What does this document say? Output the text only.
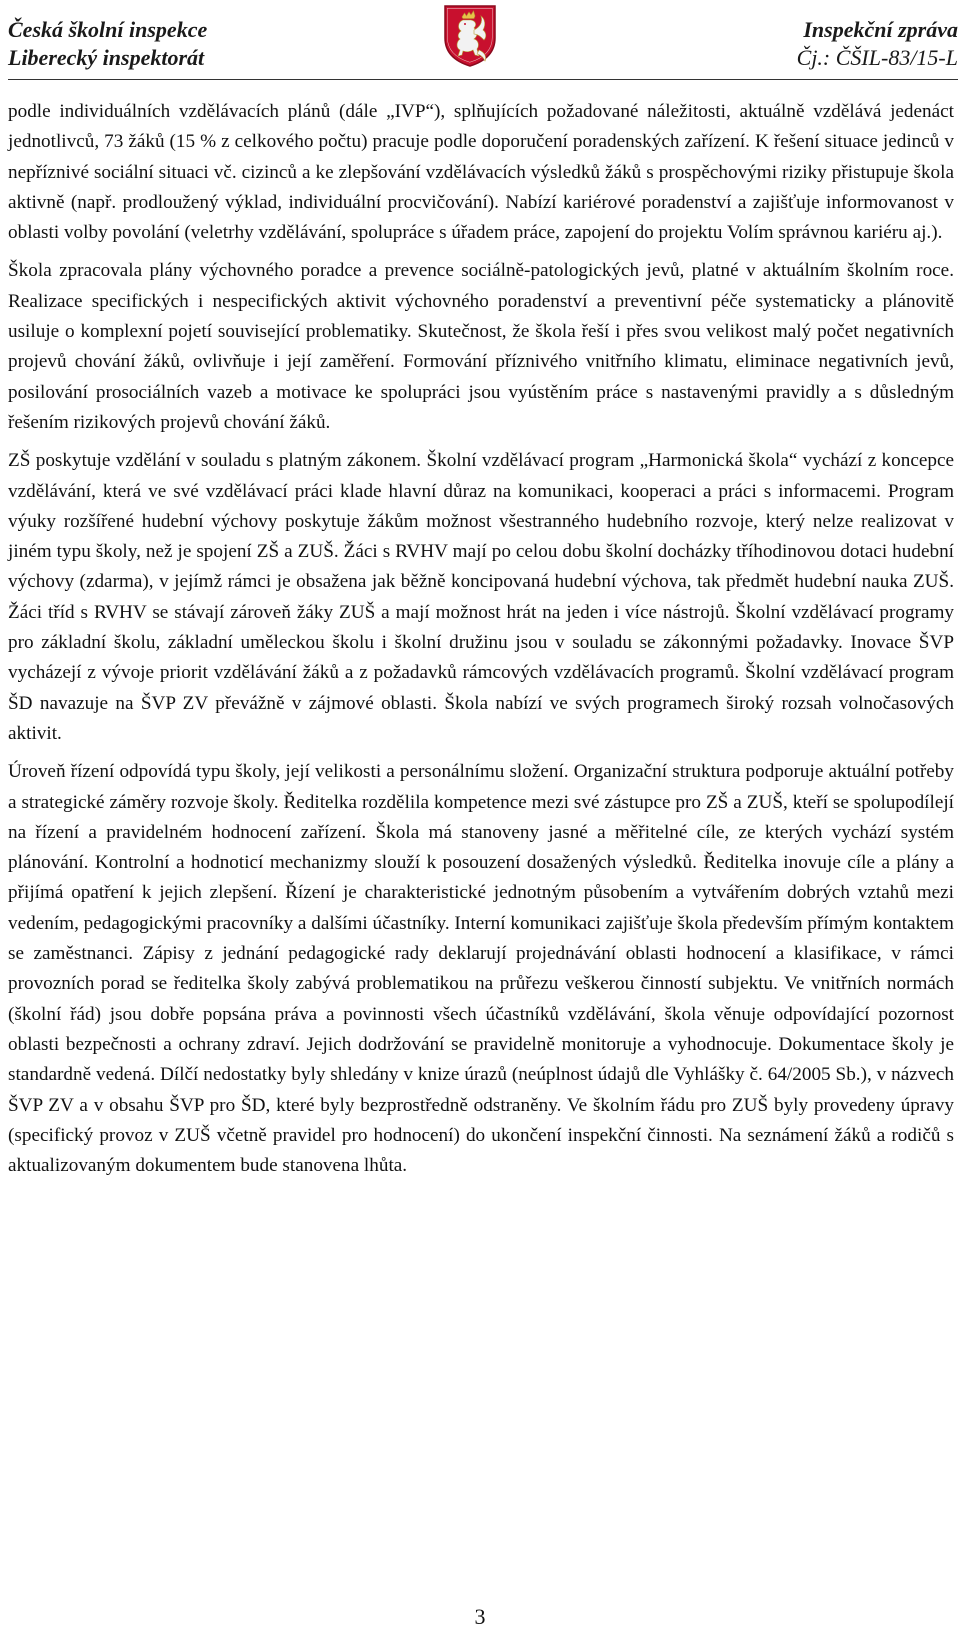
Česká školní inspekce
Liberecký inspektorát
Inspekční zpráva
Čj.: ČŠIL-83/15-L

podle individuálních vzdělávacích plánů (dále „IVP“), splňujících požadované náležitosti, aktuálně vzdělává jedenáct jednotlivců, 73 žáků (15 % z celkového počtu) pracuje podle doporučení poradenských zařízení. K řešení situace jedinců v nepříznivé sociální situaci vč. cizinců a ke zlepšování vzdělávacích výsledků žáků s prospěchovými riziky přistupuje škola aktivně (např. prodloužený výklad, individuální procvičování). Nabízí kariérové poradenství a zajišťuje informovanost v oblasti volby povolání (veletrhy vzdělávání, spolupráce s úřadem práce, zapojení do projektu Volím správnou kariéru aj.).

Škola zpracovala plány výchovného poradce a prevence sociálně-patologických jevů, platné v aktuálním školním roce. Realizace specifických i nespecifických aktivit výchovného poradenství a preventivní péče systematicky a plánovitě usiluje o komplexní pojetí související problematiky. Skutečnost, že škola řeší i přes svou velikost malý počet negativních projevů chování žáků, ovlivňuje i její zaměření. Formování příznivého vnitřního klimatu, eliminace negativních jevů, posilování prosociálních vazeb a motivace ke spolupráci jsou vyústěním práce s nastavenými pravidly a s důsledným řešením rizikových projevů chování žáků.

ZŠ poskytuje vzdělání v souladu s platným zákonem. Školní vzdělávací program „Harmonická škola“ vychází z koncepce vzdělávání, která ve své vzdělávací práci klade hlavní důraz na komunikaci, kooperaci a práci s informacemi. Program výuky rozšířené hudební výchovy poskytuje žákům možnost všestranného hudebního rozvoje, který nelze realizovat v jiném typu školy, než je spojení ZŠ a ZUŠ. Žáci s RVHV mají po celou dobu školní docházky tříhodinovou dotaci hudební výchovy (zdarma), v jejímž rámci je obsažena jak běžně koncipovaná hudební výchova, tak předmět hudební nauka ZUŠ. Žáci tříd s RVHV se stávají zároveň žáky ZUŠ a mají možnost hrát na jeden i více nástrojů. Školní vzdělávací programy pro základní školu, základní uměleckou školu i školní družinu jsou v souladu se zákonnými požadavky. Inovace ŠVP vycházejí z vývoje priorit vzdělávání žáků a z požadavků rámcových vzdělávacích programů. Školní vzdělávací program ŠD navazuje na ŠVP ZV převážně v zájmové oblasti. Škola nabízí ve svých programech široký rozsah volnočasových aktivit.

Úroveň řízení odpovídá typu školy, její velikosti a personálnímu složení. Organizační struktura podporuje aktuální potřeby a strategické záměry rozvoje školy. Ředitelka rozdělila kompetence mezi své zástupce pro ZŠ a ZUŠ, kteří se spolupodílejí na řízení a pravidelném hodnocení zařízení. Škola má stanoveny jasné a měřitelné cíle, ze kterých vychází systém plánování. Kontrolní a hodnoticí mechanizmy slouží k posouzení dosažených výsledků. Ředitelka inovuje cíle a plány a přijímá opatření k jejich zlepšení. Řízení je charakteristické jednotným působením a vytvářením dobrých vztahů mezi vedením, pedagogickými pracovníky a dalšími účastníky. Interní komunikaci zajišťuje škola především přímým kontaktem se zaměstnanci. Zápisy z jednání pedagogické rady deklarují projednávání oblasti hodnocení a klasifikace, v rámci provozních porad se ředitelka školy zabývá problematikou na průřezu veškerou činností subjektu. Ve vnitřních normách (školní řád) jsou dobře popsána práva a povinnosti všech účastníků vzdělávání, škola věnuje odpovídající pozornost oblasti bezpečnosti a ochrany zdraví. Jejich dodržování se pravidelně monitoruje a vyhodnocuje. Dokumentace školy je standardně vedená. Dílčí nedostatky byly shledány v knize úrazů (neúplnost údajů dle Vyhlášky č. 64/2005 Sb.), v názvech ŠVP ZV a v obsahu ŠVP pro ŠD, které byly bezprostředně odstraněny. Ve školním řádu pro ZUŠ byly provedeny úpravy (specifický provoz v ZUŠ včetně pravidel pro hodnocení) do ukončení inspekční činnosti. Na seznámení žáků a rodičů s aktualizovaným dokumentem bude stanovena lhůta.

3
